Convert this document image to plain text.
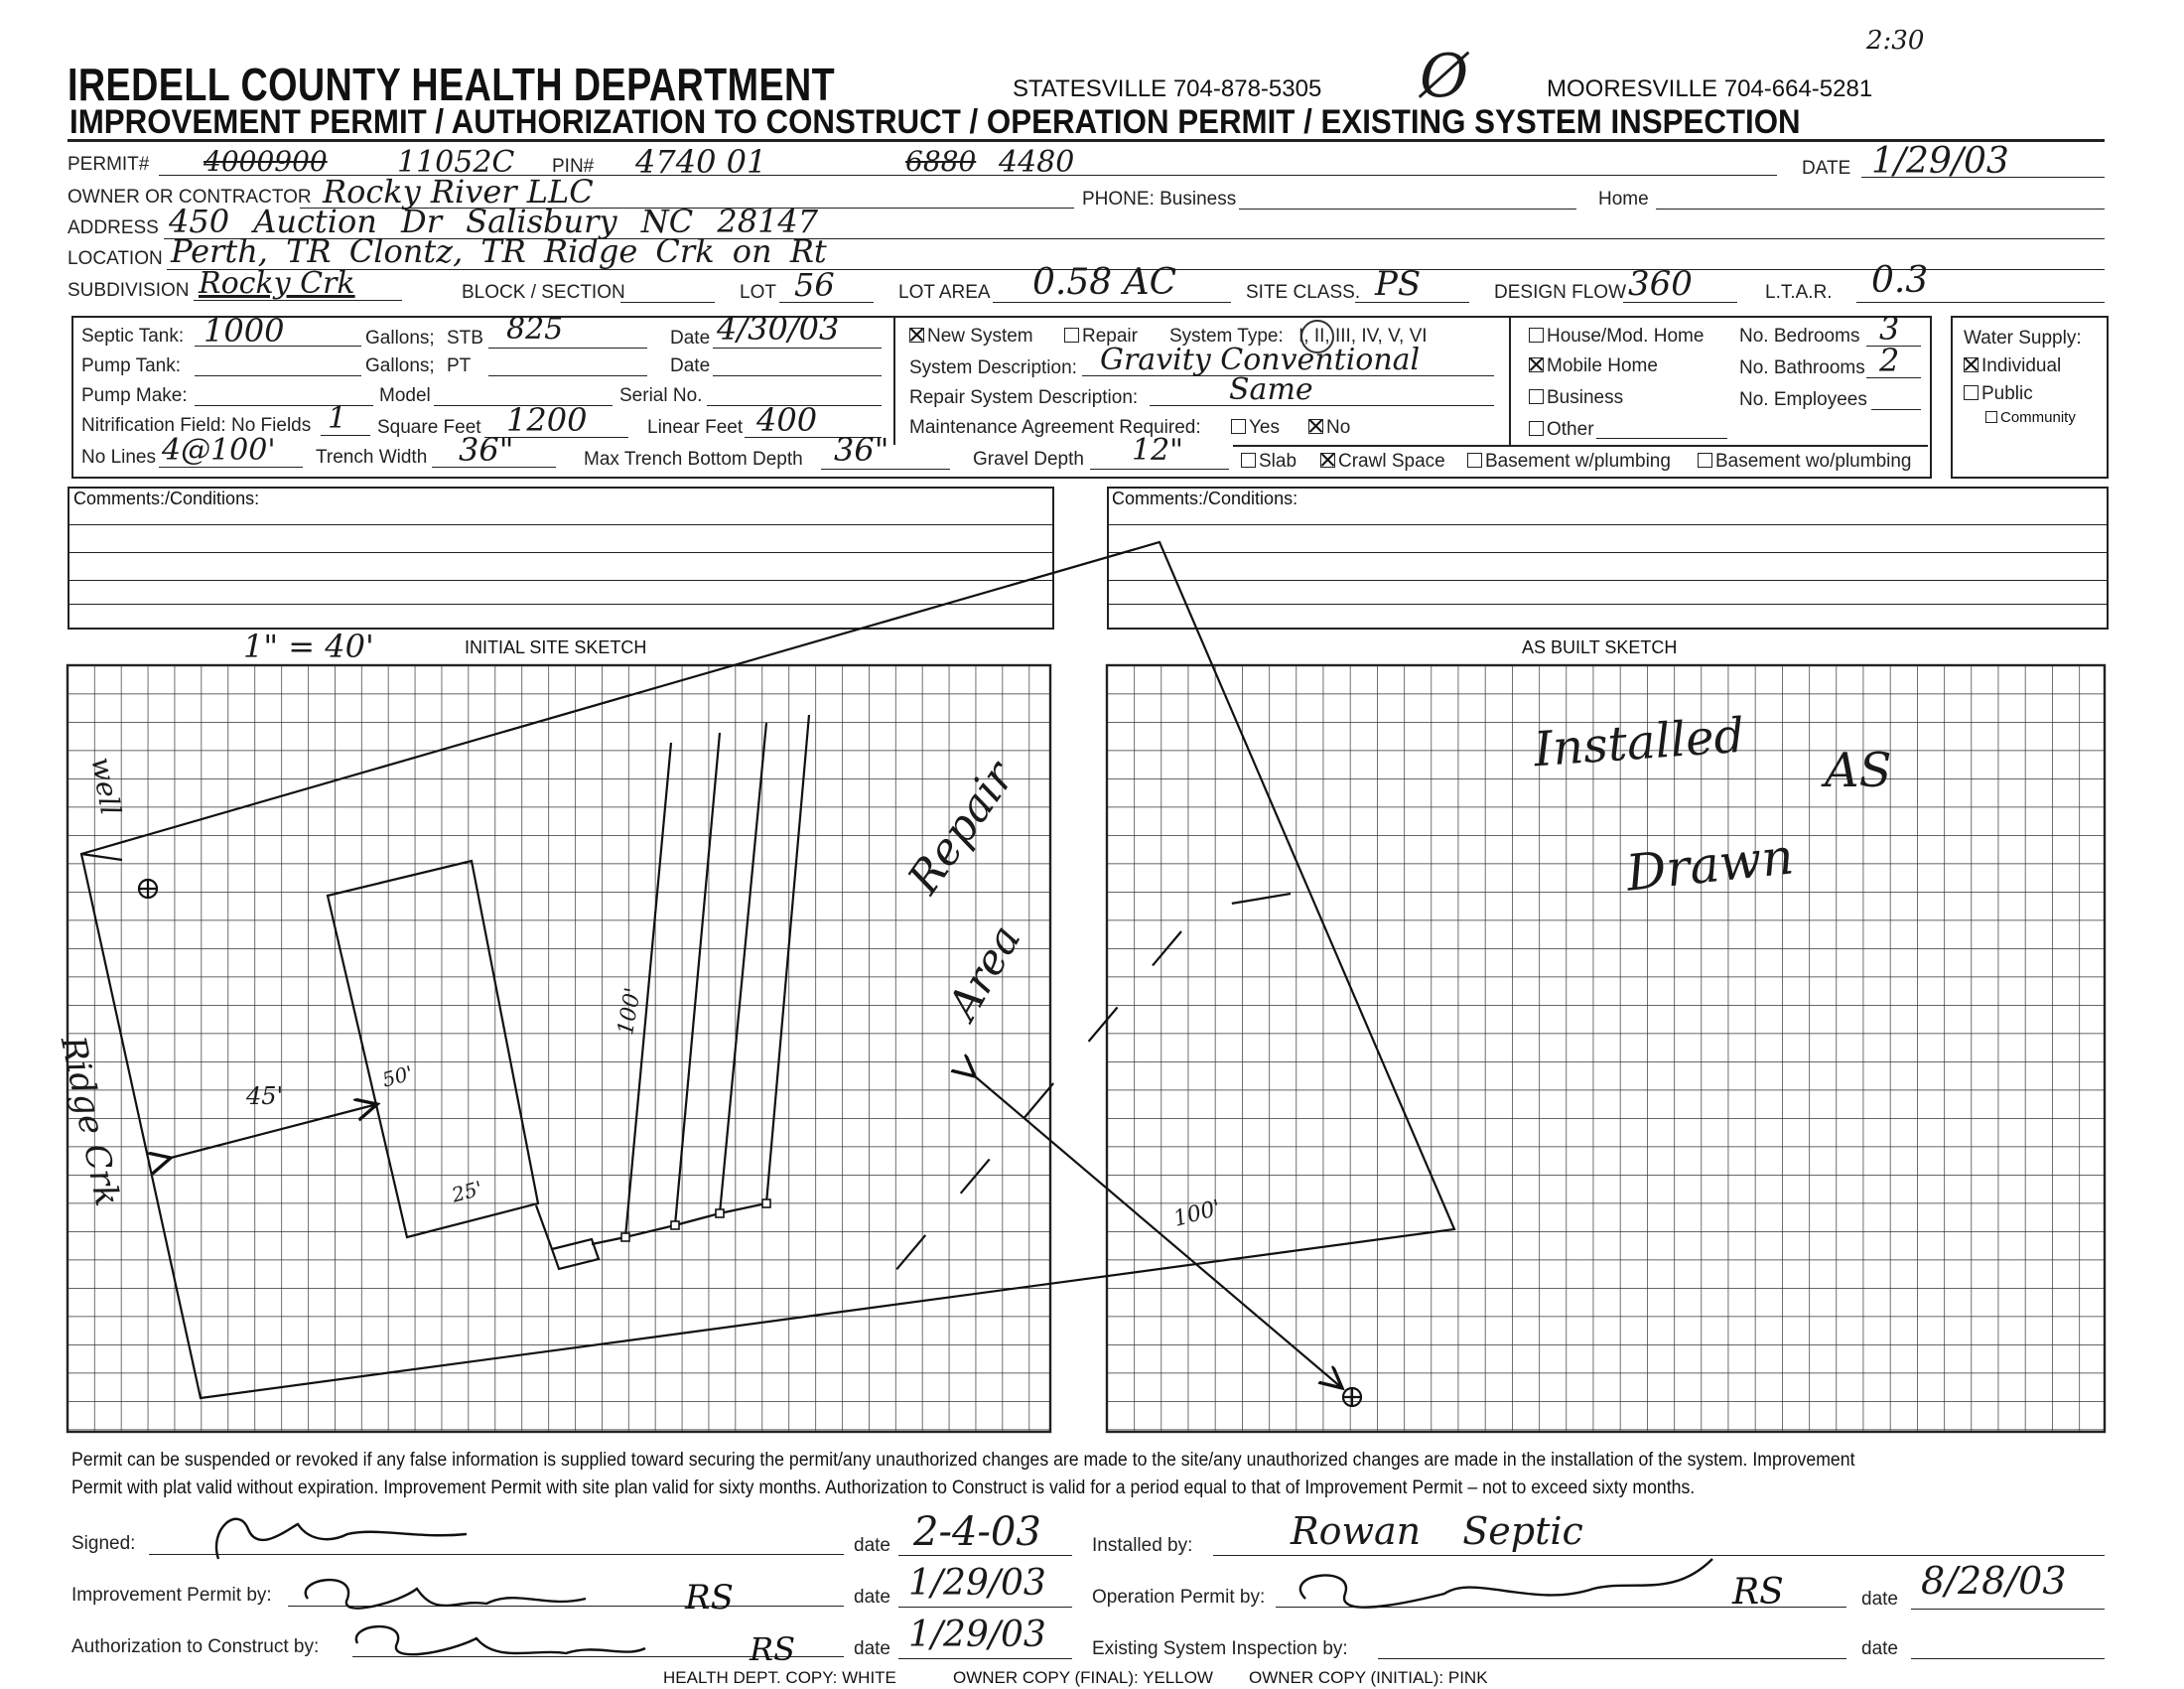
IREDELL COUNTY HEALTH DEPARTMENT	STATESVILLE 704-878-5305	MOORESVILLE 704-664-5281
2:30
Ø
IMPROVEMENT PERMIT / AUTHORIZATION TO CONSTRUCT / OPERATION PERMIT / EXISTING SYSTEM INSPECTION
PERMIT# 4000900 11052C PIN# 4740 01	6880 4480	DATE 1/29/03
OWNER OR CONTRACTOR Rocky River LLC	PHONE: Business	Home
ADDRESS 450 Auction Dr Salisbury NC 28147
LOCATION Perth, TR Clontz, TR Ridge Crk on Rt
SUBDIVISION Rocky Crk	BLOCK / SECTION	LOT 56	LOT AREA 0.58 AC	SITE CLASS. PS	DESIGN FLOW 360	L.T.A.R. 0.3
Septic Tank: 1000	Gallons; STB 825	Date 4/30/03
Pump Tank:	Gallons; PT	Date
Pump Make:	Model	Serial No.
Nitrification Field: No Fields 1 Square Feet 1200	Linear Feet 400
No Lines 4@100' Trench Width 36"	Max Trench Bottom Depth 36"	Gravel Depth 12"
New System	Repair System Type: I, II, III, IV, V, VI
System Description: Gravity Conventional
Repair System Description:	Same
Maintenance Agreement Required:	Yes	No
Slab	Crawl Space	Basement w/plumbing	Basement wo/plumbing
House/Mod. Home
Mobile Home
Business
Other
No. Bedrooms 3
No. Bathrooms 2
No. Employees
Water Supply:
Individual
Public
Community
Comments:/Conditions:	Comments:/Conditions:
1" = 40'	INITIAL SITE SKETCH	AS BUILT SKETCH
well
Ridge Crk	45'
50'
25'
100'
Repair
Area
100'
Installed AS
Drawn
Permit can be suspended or revoked if any false information is supplied toward securing the permit/any unauthorized changes are made to the site/any unauthorized changes are made in the installation of the system. Improvement
Permit with plat valid without expiration. Improvement Permit with site plan valid for sixty months. Authorization to Construct is valid for a period equal to that of Improvement Permit – not to exceed sixty months.
Signed:	date 2-4-03	Installed by:	Rowan Septic
Improvement Permit by:	RS	date 1/29/03 Operation Permit by:	RS	date 8/28/03
Authorization to Construct by:	RS	date 1/29/03 Existing System Inspection by:	date
HEALTH DEPT. COPY: WHITE	OWNER COPY (FINAL): YELLOW OWNER COPY (INITIAL): PINK
